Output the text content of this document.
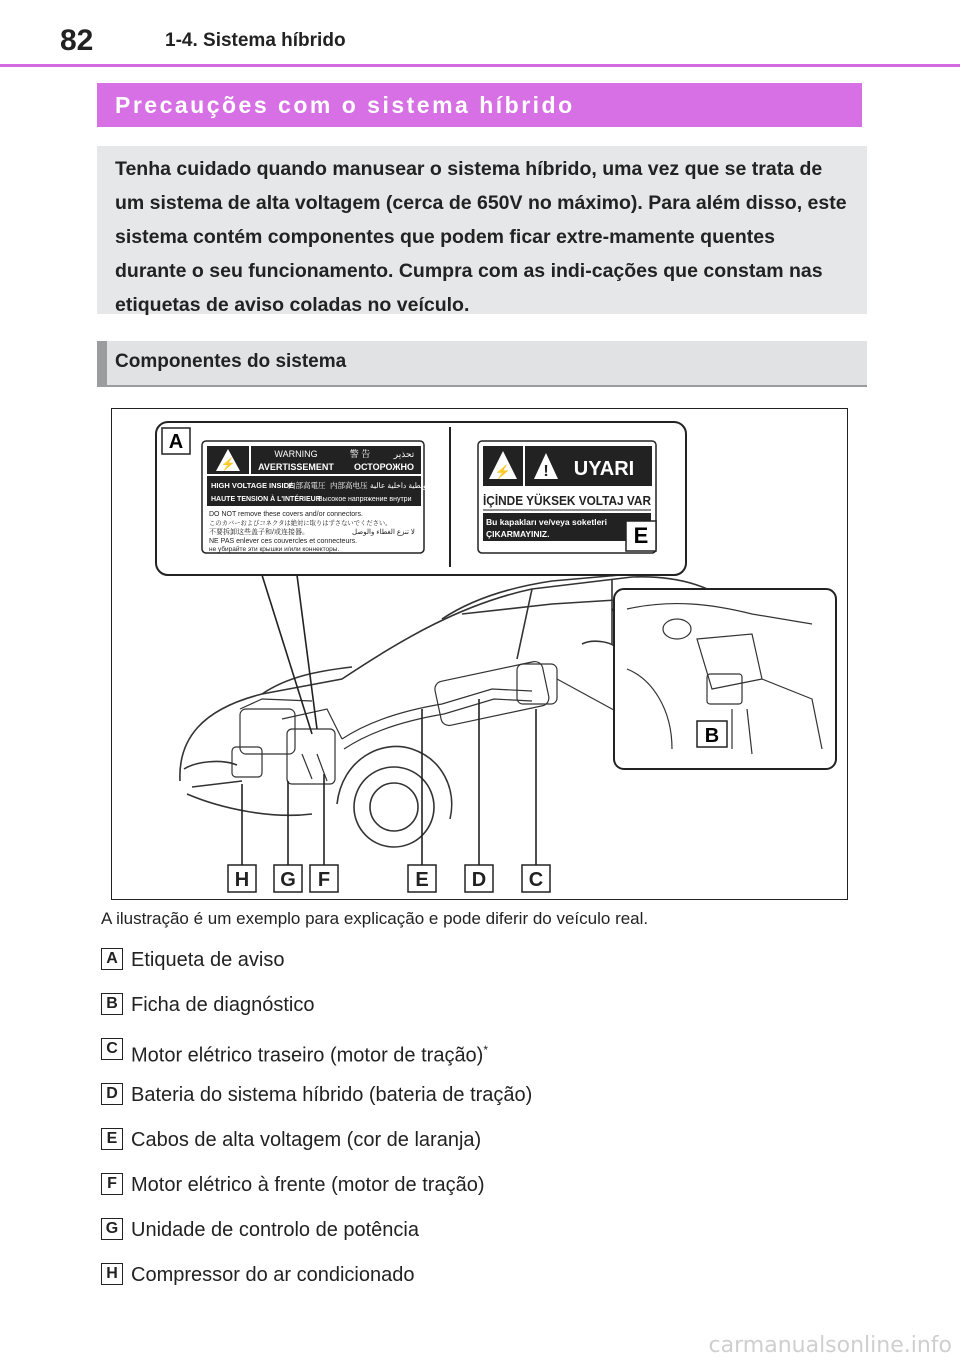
82	1-4. Sistema híbrido
Precauções com o sistema híbrido
Tenha cuidado quando manusear o sistema híbrido, uma vez que se trata de um sistema de alta voltagem (cerca de 650V no máximo). Para além disso, este sistema contém componentes que podem ficar extre-mamente quentes durante o seu funcionamento. Cumpra com as indi-cações que constam nas etiquetas de aviso coladas no veículo.
Componentes do sistema
A
⚡
WARNING	警 告	تحذير
AVERTISSEMENT ОСТОРОЖНО
HIGH VOLTAGE INSIDE
内部高電圧 内部高电压 فولطية داخلية عالية
HAUTE TENSION À L'INTÉRIEUR
Высокое напряжение внутри
DO NOT remove these covers and/or connectors.
このカバーおよびコネクタは絶対に取りはずさないでください。
不要拆卸这些盖子和/或连接器。	لا تنزع الغطاء والوصل
NE PAS enlever ces couvercles et connecteurs.
не убирайте эти крышки и/или коннекторы.
⚡ ! UYARI
İÇİNDE YÜKSEK VOLTAJ VAR
Bu kapakları ve/veya soketleri
ÇIKARMAYINIZ.	E
B
H G F	E D C
A ilustração é um exemplo para explicação e pode diferir do veículo real.
A Etiqueta de aviso
B Ficha de diagnóstico
C Motor elétrico traseiro (motor de tração)*
D Bateria do sistema híbrido (bateria de tração)
E Cabos de alta voltagem (cor de laranja)
F Motor elétrico à frente (motor de tração)
G Unidade de controlo de potência
H Compressor do ar condicionado
carmanualsonline.info
